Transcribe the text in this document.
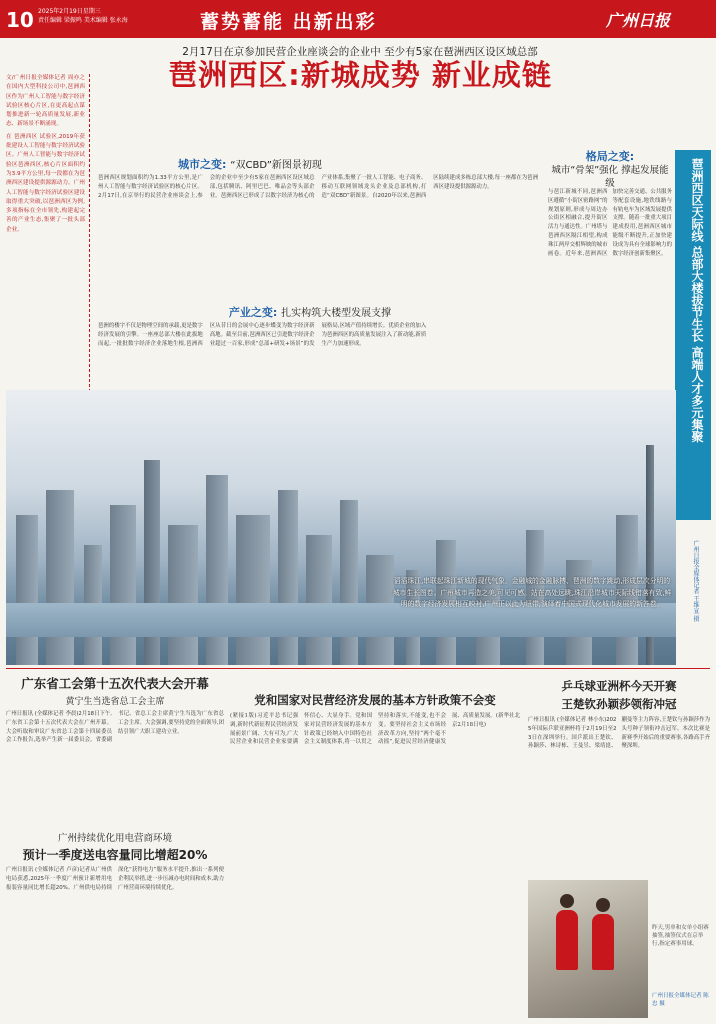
10 2025年2月19日星期三
责任编辑 梁振鸣 美术编辑 张永海	蓄势蓄能 出新出彩	广州日报
2月17日在京参加民营企业座谈会的企业中 至少有5家在琶洲西区设区域总部
琶洲西区:新城成势 新业成链
文/广州日报全媒体记者 周亦之 在国内大型科技公司中,琶洲西区作为广州人工智能与数字经济试验区核心片区,在更高起点谋划推进新一轮高质量发展,新业态、新场景不断涌现。
在 琶洲西区 试验区,2019年获批建设人工智能与数字经济试验区。广州人工智能与数字经济试验区琶洲西区,核心片区面积约为3.9平方公里,每一段都在为琶洲西区建设提供源源动力。广州人工智能与数字经济试验区建设取得重大突破,以琶洲西区为例,多项指标在全市领先,构建起完善的产业生态,集聚了一批头部企业。
城市之变: “双CBD”新图景初现
琶洲西区规划面积约为1.33平方公里,是广州人工智能与数字经济试验区的核心片区。2月17日,在京举行的民营企业座谈会上,参会的企业中至少有5家在琶洲西区设区域总部,包括腾讯、阿里巴巴、唯品会等头部企业。琶洲西区已形成了以数字经济为核心的产业体系,集聚了一批人工智能、电子商务、移动互联网领域龙头企业及总部机构,打造“双CBD”新图景。自2020年以来,琶洲西区陆续建成多栋总部大楼,每一座都在为琶洲西区建设提供源源动力。
产业之变: 扎实构筑大楼型发展支撑
琶洲的楼宇不仅是物理空间的承载,更是数字经济发展的引擎。一座座总部大楼在此拔地而起,一批批数字经济企业落地生根,琶洲西区从昔日的会展中心逐步蝶变为数字经济新高地。截至目前,琶洲西区已引进数字经济企业超过一百家,形成“总部+研发+场景”的发展格局,区域产值持续增长。优质企业的加入为琶洲西区的高质量发展注入了新动能,新质生产力加速形成。
格局之变:
城市“骨架”强化 撑起发展能级
与琶江新城不同,琶洲西区遵循“小街区密路网”的规划原则,形成与周边办公街区相融合,提升街区活力与通达性。广州塔与琶洲西区隔江相望,构成珠江两岸交相辉映的城市画卷。近年来,琶洲西区加快完善交通、公共服务等配套设施,地铁线路与有轨电车为区域发展提供支撑。随着一批重大项目建成投用,琶洲西区城市能级不断提升,正加快建设成为具有全球影响力的数字经济创新集聚区。	琶洲西区天际线 总部大楼拔节生长 高端人才多元集聚
广州日报全媒体记者 王维宣 摄
滔滔珠江,串联起珠江新城的现代气象、金融城的金融脉搏、琶洲的数字跳动,形成层次分明的城市生长图卷。广州城市再造之美,可见可感。站在高处远眺,珠江沿岸城市天际线错落有致,鲜明的数字经济发展相互映衬,广州正以此为纽带,演绎着中国式现代化城市发展的新答卷。
广东省工会第十五次代表大会开幕
黄宁生当选省总工会主席
广州日报讯 (全媒体记者 李晨)2月18日下午,广东省工会第十五次代表大会在广州开幕。大会听取和审议广东省总工会第十四届委员会工作报告,选举产生新一届委员会。省委副书记、省总工会主席黄宁生当选为广东省总工会主席。大会强调,要坚持党的全面领导,团结引领广大职工建功立业。
广州持续优化用电营商环境
预计一季度送电容量同比增超20%
广州日报讯 (全媒体记者 卢彦)记者从广州供电局获悉,2025年一季度广州预计新增用电报装容量同比增长超20%。广州供电局持续深化“获得电力”服务水平提升,推出一系列便企利民举措,进一步压减办电时间和成本,助力广州营商环境持续优化。
党和国家对民营经济发展的基本方针政策不会变
(紧接1版)习近平总书记强调,新时代新征程民营经济发展前景广阔、大有可为,广大民营企业和民营企业家要满怀信心、大显身手。党和国家对民营经济发展的基本方针政策已经纳入中国特色社会主义制度体系,将一以贯之坚持和落实,不能变,也不会变。要坚持社会主义市场经济改革方向,坚持“两个毫不动摇”,促进民营经济健康发展、高质量发展。(新华社北京2月18日电)
乒乓球亚洲杯今天开赛
王楚钦孙颖莎领衔冲冠
广州日报讯 (全媒体记者 林小东)2025年国际乒联亚洲杯将于2月19日至23日在深圳举行。国乒派出王楚钦、孙颖莎、林诗栋、王曼昱、梁靖崑、蒯曼等主力阵容,王楚钦与孙颖莎作为头号种子领衔冲击冠军。本次比赛是新赛季开始后的重要赛事,各路高手齐聚深圳。
昨天,男单和女单小组赛抽签,抽签仪式在京举行,指定赛事用球。
广州日报全媒体记者 陈忠 摄
